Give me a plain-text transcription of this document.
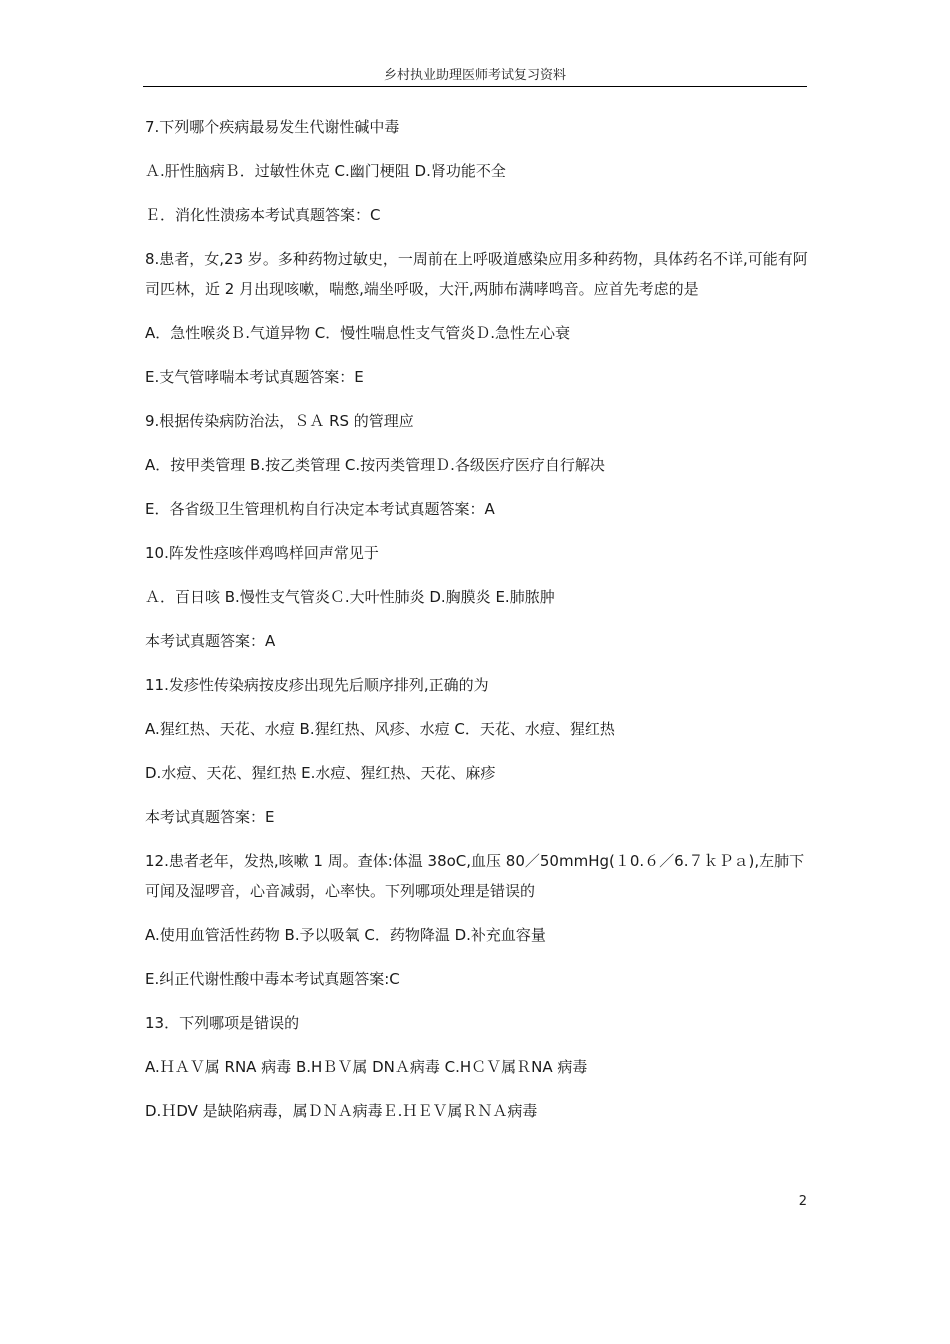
乡村执业助理医师考试复习资料

7.下列哪个疾病最易发生代谢性碱中毒

Ａ.肝性脑病Ｂ．过敏性休克 C.幽门梗阻 D.肾功能不全

Ｅ．消化性溃疡本考试真题答案：C

8.患者，女,23 岁。多种药物过敏史，一周前在上呼吸道感染应用多种药物，具体药名不详,可能有阿司匹林，近 2 月出现咳嗽，喘憋,端坐呼吸，大汗,两肺布满哮鸣音。应首先考虑的是

A．急性喉炎Ｂ.气道异物 C．慢性喘息性支气管炎Ｄ.急性左心衰

E.支气管哮喘本考试真题答案：E

9.根据传染病防治法，ＳＡ RS 的管理应

A．按甲类管理 B.按乙类管理 C.按丙类管理Ｄ.各级医疗医疗自行解决

E．各省级卫生管理机构自行决定本考试真题答案：A

10.阵发性痉咳伴鸡鸣样回声常见于

Ａ．百日咳 B.慢性支气管炎Ｃ.大叶性肺炎 D.胸膜炎 E.肺脓肿

本考试真题答案：A

11.发疹性传染病按皮疹出现先后顺序排列,正确的为

A.猩红热、天花、水痘 B.猩红热、风疹、水痘 C．天花、水痘、猩红热

D.水痘、天花、猩红热 E.水痘、猩红热、天花、麻疹

本考试真题答案：E

12.患者老年，发热,咳嗽 1 周。查体:体温 38oC,血压 80／50mmHg(１0.６／6.７ｋＰａ),左肺下可闻及湿啰音，心音减弱，心率快。下列哪项处理是错误的

A.使用血管活性药物 B.予以吸氧 C．药物降温 D.补充血容量

E.纠正代谢性酸中毒本考试真题答案:C

13．下列哪项是错误的

A.ＨＡＶ属 RNA 病毒 B.HＢＶ属 DNＡ病毒 C.HＣＶ属ＲNA 病毒

D.ＨDV 是缺陷病毒，属ＤＮＡ病毒Ｅ.ＨＥＶ属ＲＮＡ病毒

2
